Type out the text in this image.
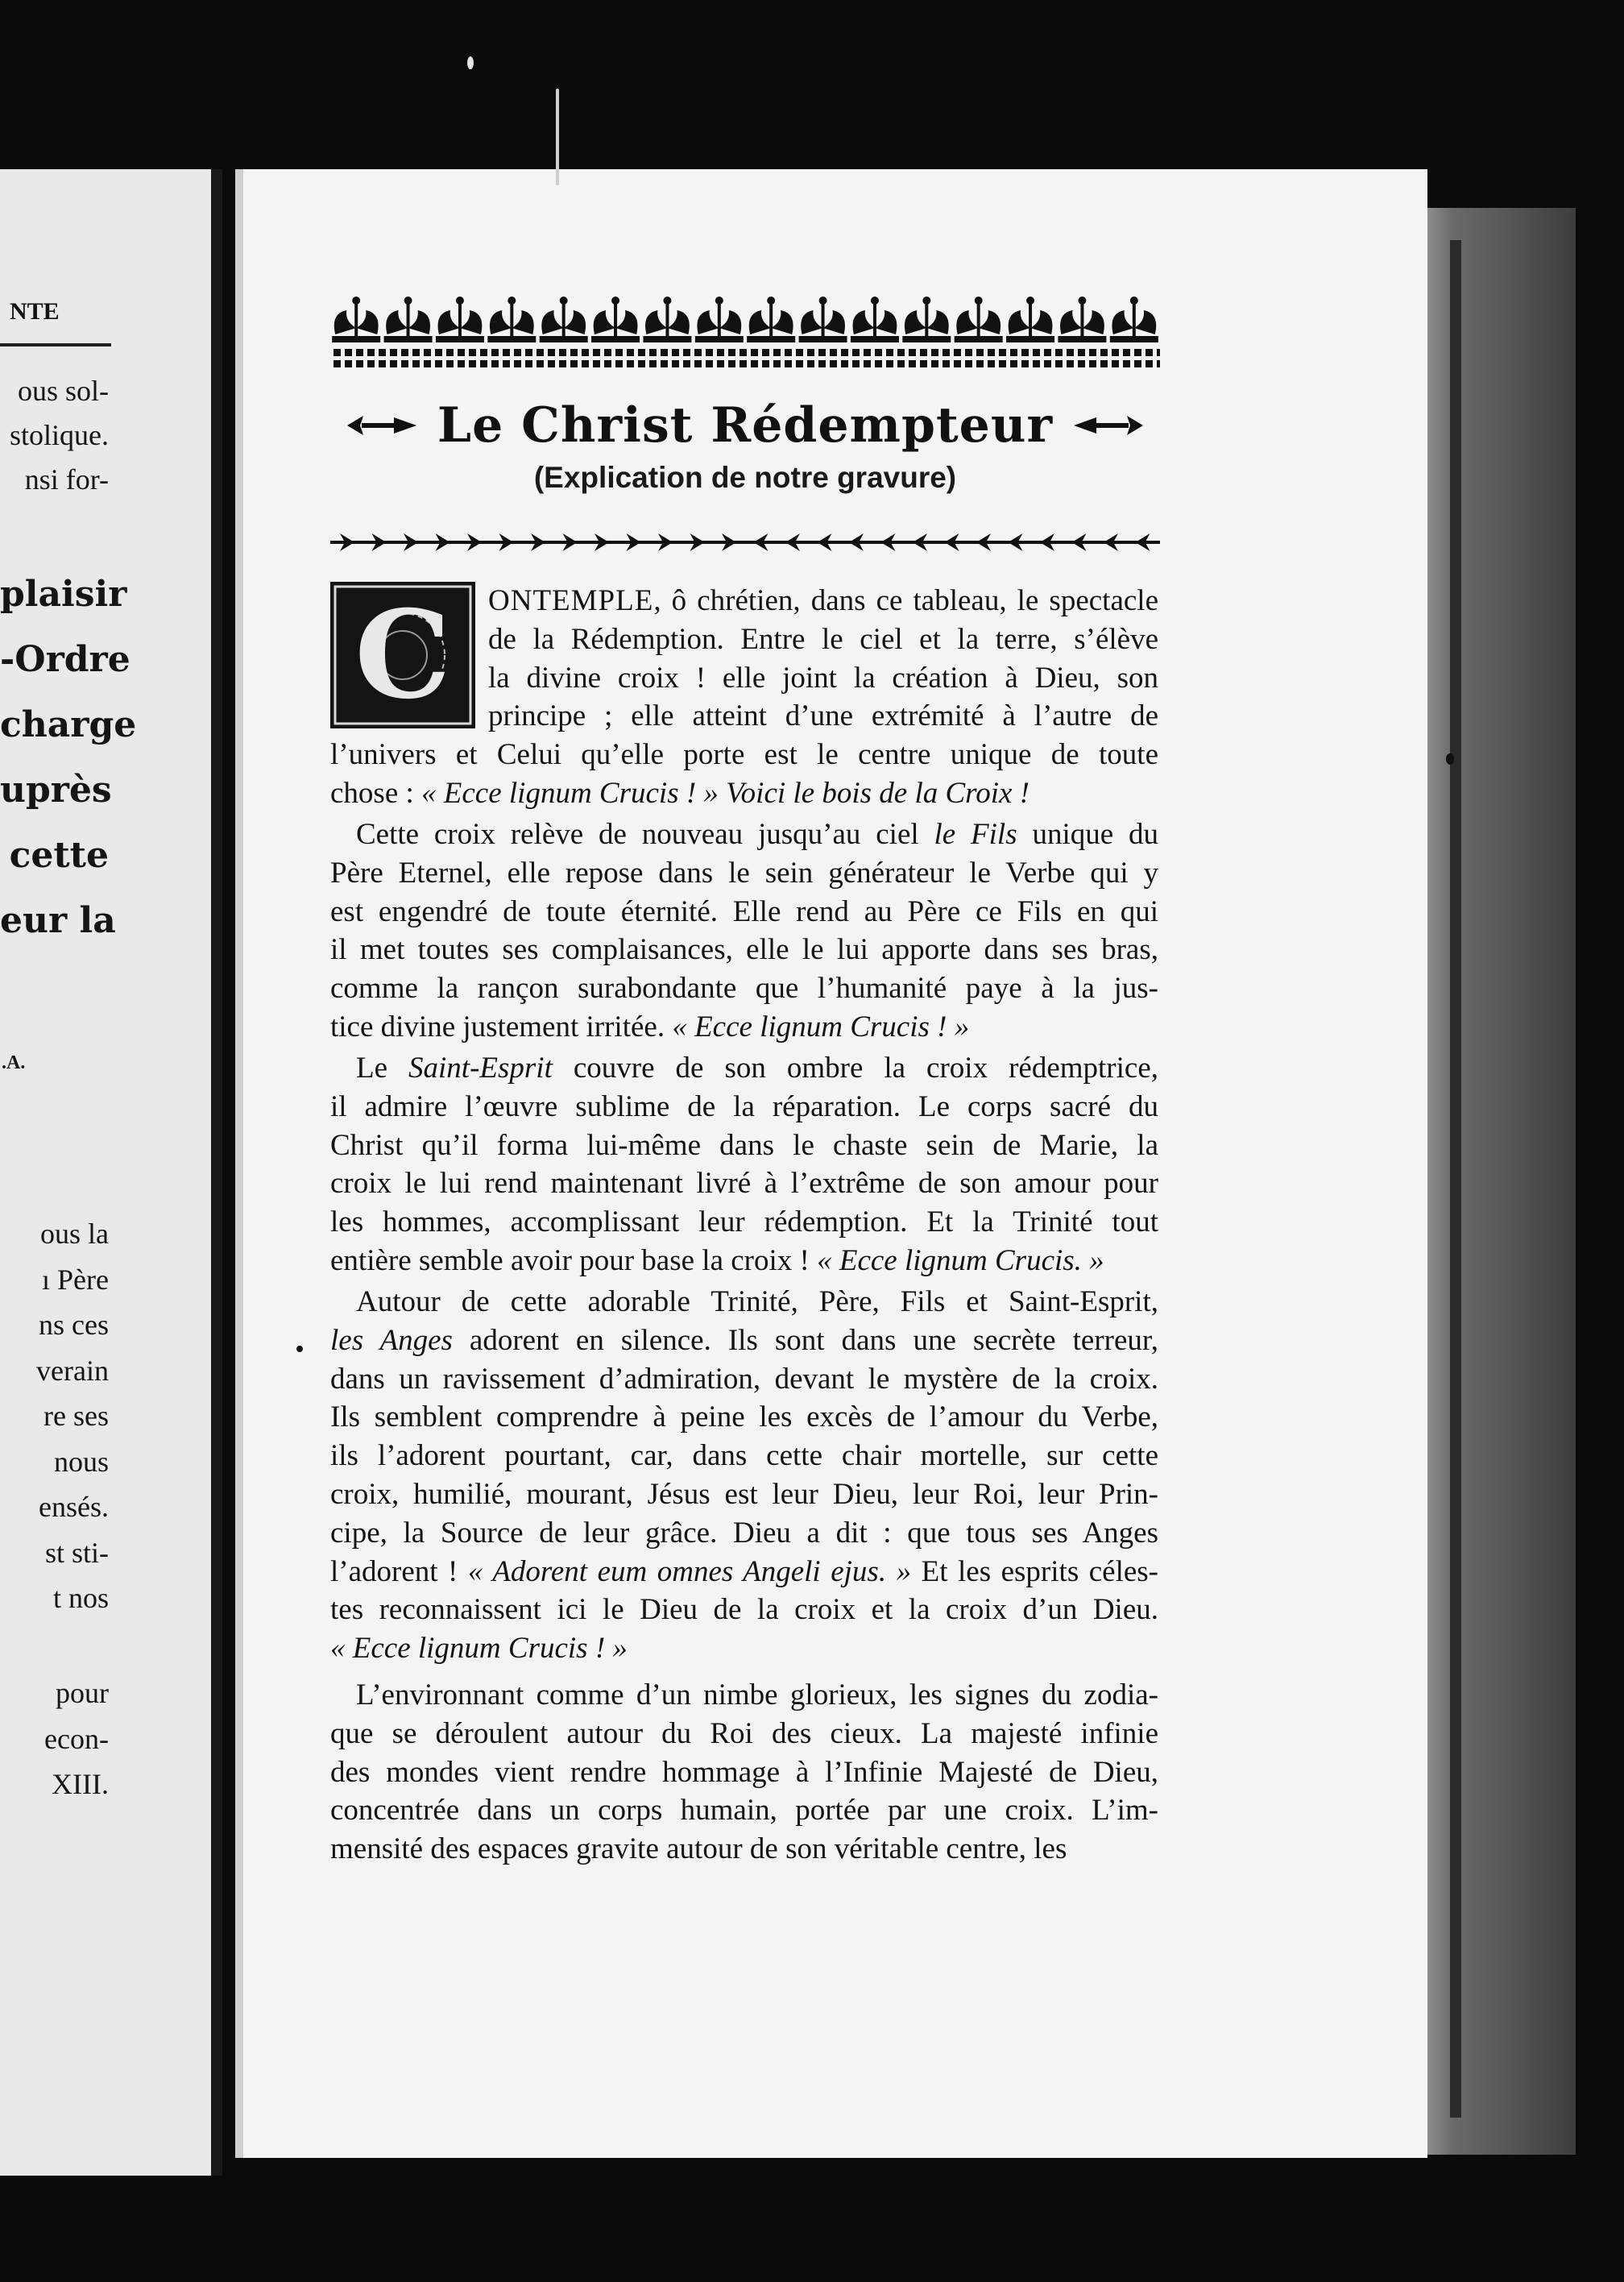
NTE
ous sol-
stolique.
nsi for-
plaisir
-Ordre
charge
uprès
cette
eur la
.A.
ous la
ı Père
ns ces
verain
re ses
nous
ensés.
st sti-
t nos
pour
econ-
XIII.
Le Christ Rédempteur
(Explication de notre gravure)
C	ONTEMPLE, ô chrétien, dans ce tableau, le spectacle
de la Rédemption. Entre le ciel et la terre, s’élève
la divine croix ! elle joint la création à Dieu, son
principe ; elle atteint d’une extrémité à l’autre de
l’univers et Celui qu’elle porte est le centre unique de toute
chose : « Ecce lignum Crucis ! » Voici le bois de la Croix !
Cette croix relève de nouveau jusqu’au ciel le Fils unique du
Père Eternel, elle repose dans le sein générateur le Verbe qui y
est engendré de toute éternité. Elle rend au Père ce Fils en qui
il met toutes ses complaisances, elle le lui apporte dans ses bras,
comme la rançon surabondante que l’humanité paye à la jus-
tice divine justement irritée. « Ecce lignum Crucis ! »
Le Saint-Esprit couvre de son ombre la croix rédemptrice,
il admire l’œuvre sublime de la réparation. Le corps sacré du
Christ qu’il forma lui-même dans le chaste sein de Marie, la
croix le lui rend maintenant livré à l’extrême de son amour pour
les hommes, accomplissant leur rédemption. Et la Trinité tout
entière semble avoir pour base la croix ! « Ecce lignum Crucis. »
Autour de cette adorable Trinité, Père, Fils et Saint-Esprit,
les Anges adorent en silence. Ils sont dans une secrète terreur,
dans un ravissement d’admiration, devant le mystère de la croix.
Ils semblent comprendre à peine les excès de l’amour du Verbe,
ils l’adorent pourtant, car, dans cette chair mortelle, sur cette
croix, humilié, mourant, Jésus est leur Dieu, leur Roi, leur Prin-
cipe, la Source de leur grâce. Dieu a dit : que tous ses Anges
l’adorent ! « Adorent eum omnes Angeli ejus. » Et les esprits céles-
tes reconnaissent ici le Dieu de la croix et la croix d’un Dieu.
« Ecce lignum Crucis ! »
L’environnant comme d’un nimbe glorieux, les signes du zodia-
que se déroulent autour du Roi des cieux. La majesté infinie
des mondes vient rendre hommage à l’Infinie Majesté de Dieu,
concentrée dans un corps humain, portée par une croix. L’im-
mensité des espaces gravite autour de son véritable centre, les
